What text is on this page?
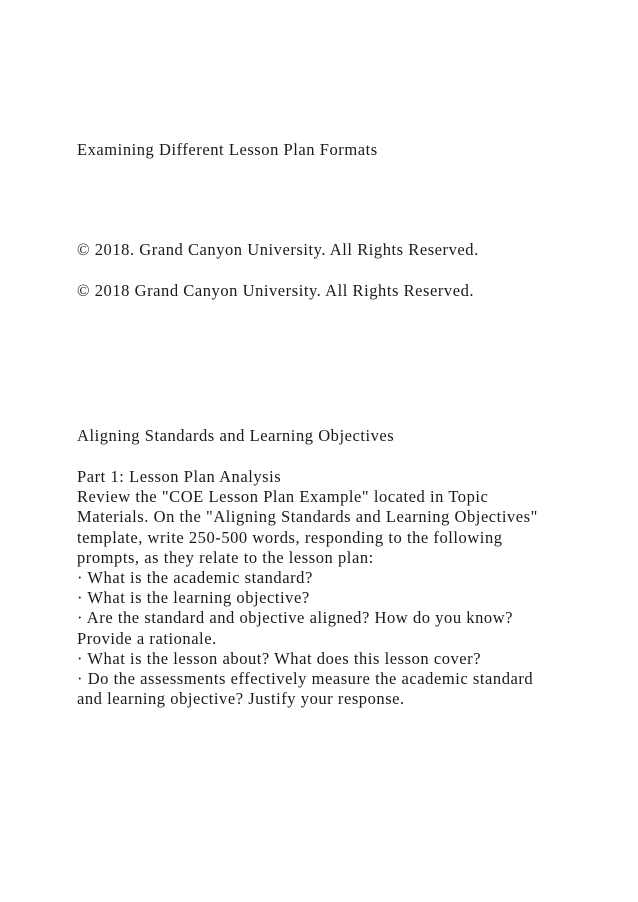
Examining Different Lesson Plan Formats
© 2018. Grand Canyon University. All Rights Reserved.
© 2018 Grand Canyon University. All Rights Reserved.
Aligning Standards and Learning Objectives
Part 1: Lesson Plan Analysis
Review the "COE Lesson Plan Example" located in Topic
Materials. On the "Aligning Standards and Learning Objectives"
template, write 250-500 words, responding to the following
prompts, as they relate to the lesson plan:
· What is the academic standard?
· What is the learning objective?
· Are the standard and objective aligned? How do you know?
Provide a rationale.
· What is the lesson about? What does this lesson cover?
· Do the assessments effectively measure the academic standard
and learning objective? Justify your response.
